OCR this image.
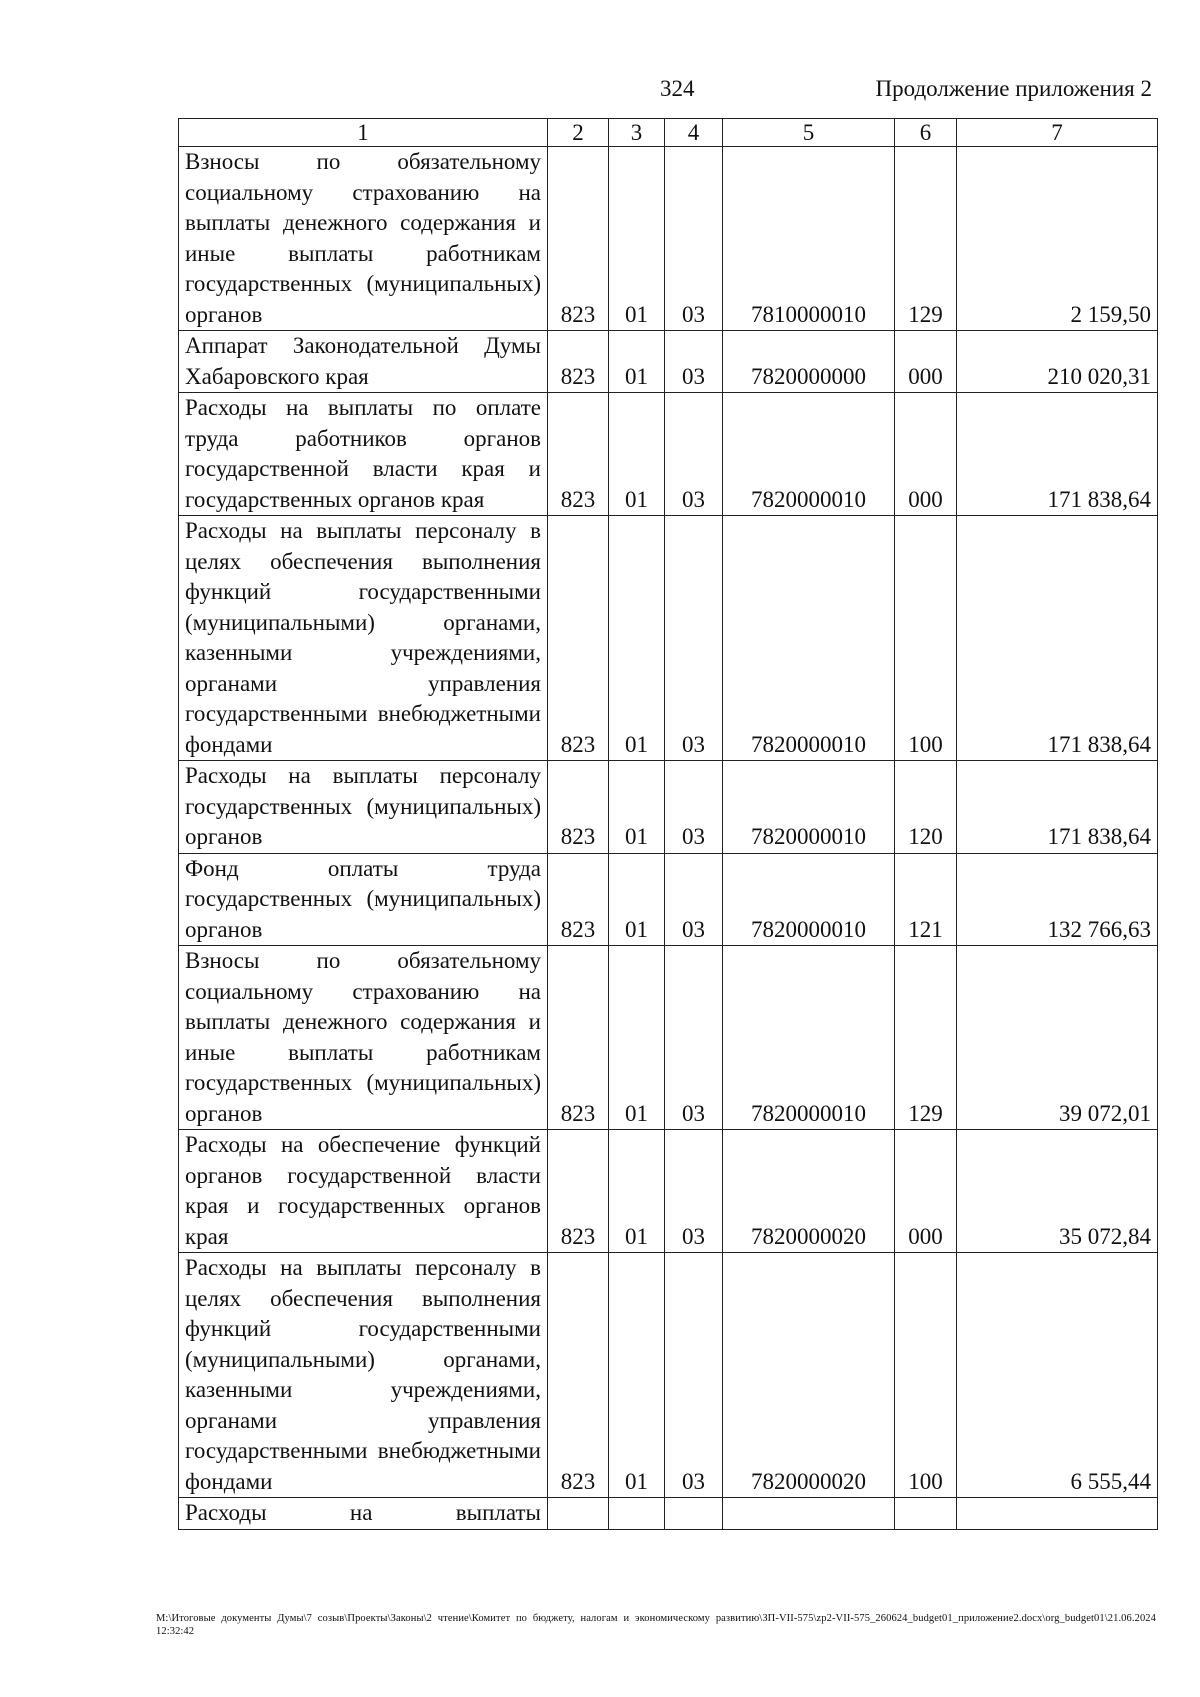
324	Продолжение приложения 2
1	2	3	4	5	6	7
Взносы по обязательному социальному страхованию на выплаты денежного содержания и иные выплаты работникам государственных (муниципальных) органов	823	01	03	7810000010	129	2 159,50
Аппарат Законодательной Думы Хабаровского края	823	01	03	7820000000	000	210 020,31
Расходы на выплаты по оплате труда работников органов государственной власти края и государственных органов края	823	01	03	7820000010	000	171 838,64
Расходы на выплаты персоналу в целях обеспечения выполнения функций государственными (муниципальными) органами, казенными учреждениями, органами управления государственными внебюджетными фондами	823	01	03	7820000010	100	171 838,64
Расходы на выплаты персоналу государственных (муниципальных) органов	823	01	03	7820000010	120	171 838,64
Фонд оплаты труда государственных (муниципальных) органов	823	01	03	7820000010	121	132 766,63
Взносы по обязательному социальному страхованию на выплаты денежного содержания и иные выплаты работникам государственных (муниципальных) органов	823	01	03	7820000010	129	39 072,01
Расходы на обеспечение функций органов государственной власти края и государственных органов края	823	01	03	7820000020	000	35 072,84
Расходы на выплаты персоналу в целях обеспечения выполнения функций государственными (муниципальными) органами, казенными учреждениями, органами управления государственными внебюджетными фондами	823	01	03	7820000020	100	6 555,44
Расходы на выплаты						
M:\Итоговые документы Думы\7 созыв\Проекты\Законы\2 чтение\Комитет по бюджету, налогам и экономическому развитию\ЗП-VII-575\zp2-VII-575_260624_budget01_приложение2.docx\org_budget01\21.06.2024 12:32:42
